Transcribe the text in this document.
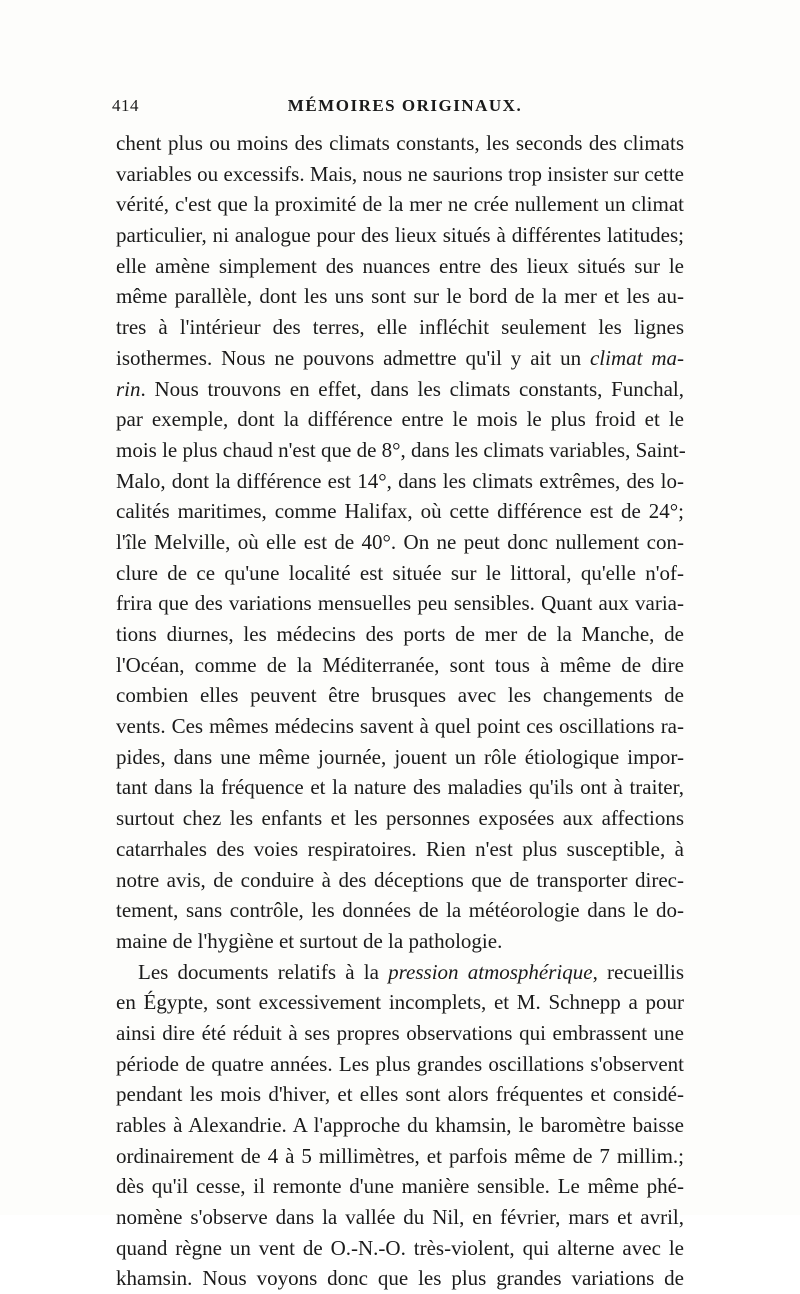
414	MÉMOIRES ORIGINAUX.
chent plus ou moins des climats constants, les seconds des climats
variables ou excessifs. Mais, nous ne saurions trop insister sur cette
vérité, c'est que la proximité de la mer ne crée nullement un climat
particulier, ni analogue pour des lieux situés à différentes latitudes;
elle amène simplement des nuances entre des lieux situés sur le
même parallèle, dont les uns sont sur le bord de la mer et les au-
tres à l'intérieur des terres, elle infléchit seulement les lignes
isothermes. Nous ne pouvons admettre qu'il y ait un climat ma-
rin. Nous trouvons en effet, dans les climats constants, Funchal,
par exemple, dont la différence entre le mois le plus froid et le
mois le plus chaud n'est que de 8°, dans les climats variables, Saint-
Malo, dont la différence est 14°, dans les climats extrêmes, des lo-
calités maritimes, comme Halifax, où cette différence est de 24°;
l'île Melville, où elle est de 40°. On ne peut donc nullement con-
clure de ce qu'une localité est située sur le littoral, qu'elle n'of-
frira que des variations mensuelles peu sensibles. Quant aux varia-
tions diurnes, les médecins des ports de mer de la Manche, de
l'Océan, comme de la Méditerranée, sont tous à même de dire
combien elles peuvent être brusques avec les changements de
vents. Ces mêmes médecins savent à quel point ces oscillations ra-
pides, dans une même journée, jouent un rôle étiologique impor-
tant dans la fréquence et la nature des maladies qu'ils ont à traiter,
surtout chez les enfants et les personnes exposées aux affections
catarrhales des voies respiratoires. Rien n'est plus susceptible, à
notre avis, de conduire à des déceptions que de transporter direc-
tement, sans contrôle, les données de la météorologie dans le do-
maine de l'hygiène et surtout de la pathologie.
Les documents relatifs à la pression atmosphérique, recueillis
en Égypte, sont excessivement incomplets, et M. Schnepp a pour
ainsi dire été réduit à ses propres observations qui embrassent une
période de quatre années. Les plus grandes oscillations s'observent
pendant les mois d'hiver, et elles sont alors fréquentes et considé-
rables à Alexandrie. A l'approche du khamsin, le baromètre baisse
ordinairement de 4 à 5 millimètres, et parfois même de 7 millim.;
dès qu'il cesse, il remonte d'une manière sensible. Le même phé-
nomène s'observe dans la vallée du Nil, en février, mars et avril,
quand règne un vent de O.-N.-O. très-violent, qui alterne avec le
khamsin. Nous voyons donc que les plus grandes variations de
